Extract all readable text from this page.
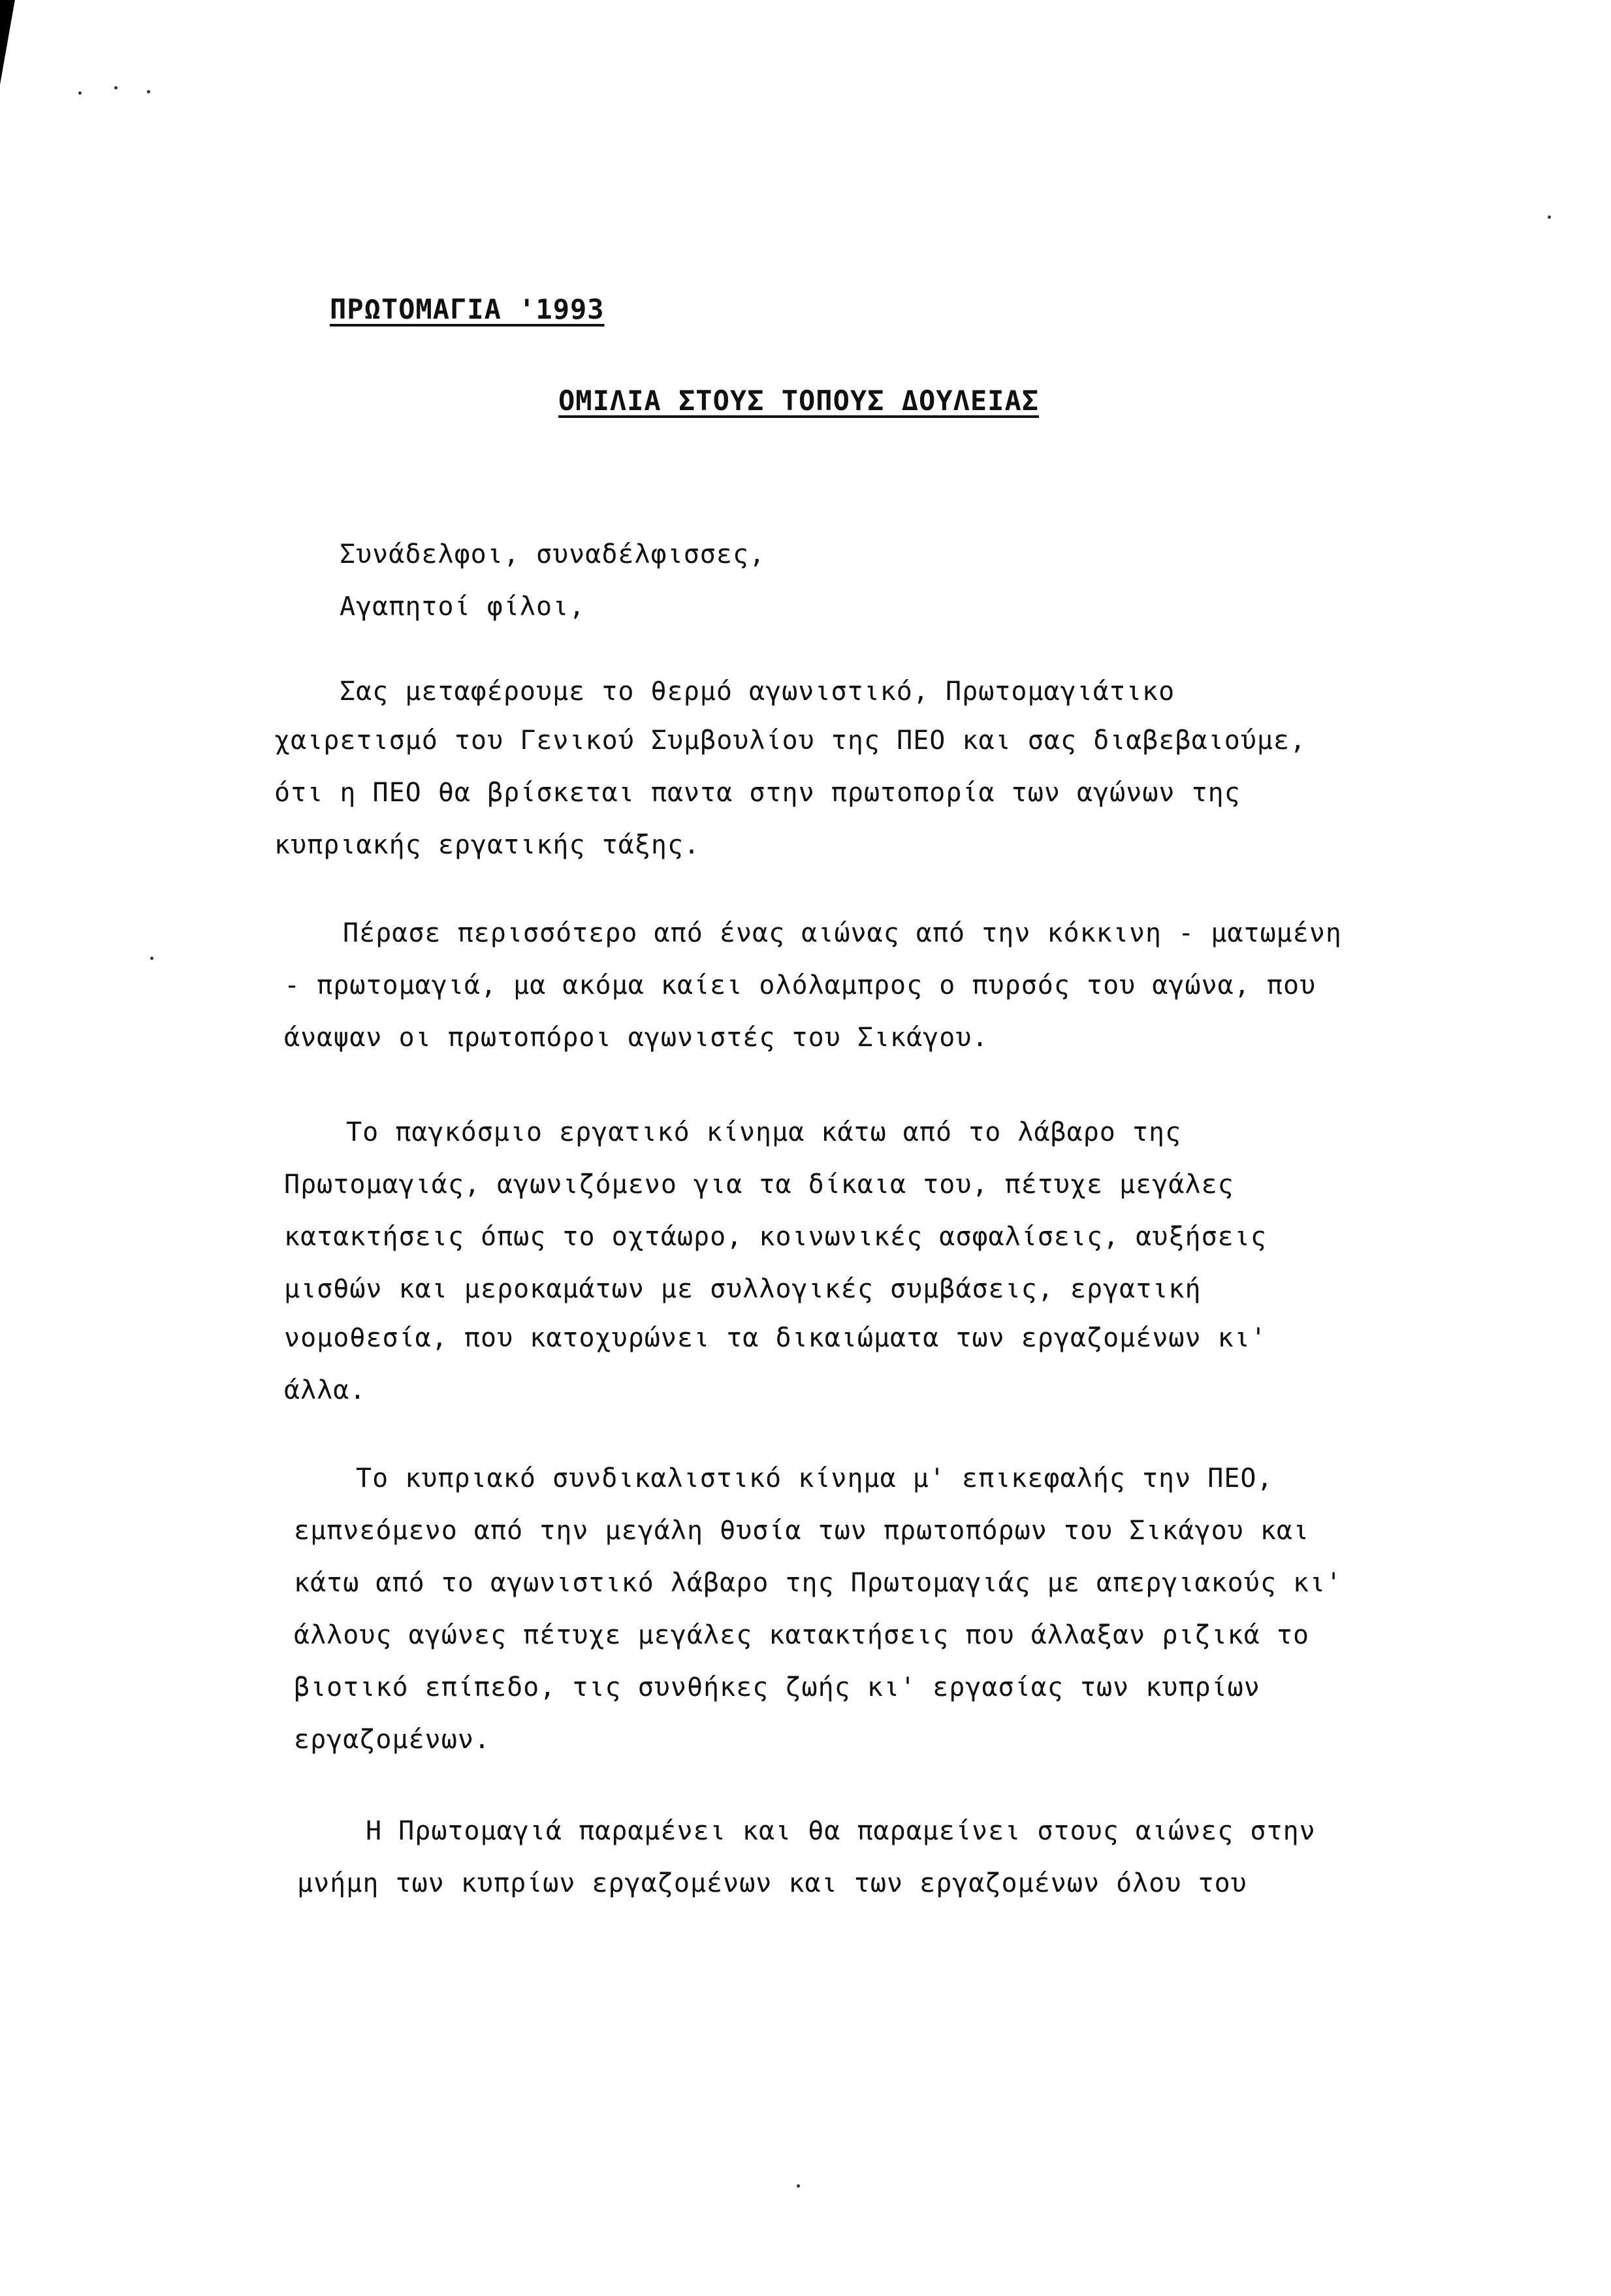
ΠΡΩΤΟΜΑΓΙΑ '1993
ΟΜΙΛΙΑ ΣΤΟΥΣ ΤΟΠΟΥΣ ΔΟΥΛΕΙΑΣ
Συνάδελφοι, συναδέλφισσες,
Αγαπητοί φίλοι,
Σας μεταφέρουμε το θερμό αγωνιστικό, Πρωτομαγιάτικο
χαιρετισμό του Γενικού Συμβουλίου της ΠΕΟ και σας διαβεβαιούμε,
ότι η ΠΕΟ θα βρίσκεται παντα στην πρωτοπορία των αγώνων της
κυπριακής εργατικής τάξης.
Πέρασε περισσότερο από ένας αιώνας από την κόκκινη - ματωμένη
- πρωτομαγιά, μα ακόμα καίει ολόλαμπρος ο πυρσός του αγώνα, που
άναψαν οι πρωτοπόροι αγωνιστές του Σικάγου.
Το παγκόσμιο εργατικό κίνημα κάτω από το λάβαρο της
Πρωτομαγιάς, αγωνιζόμενο για τα δίκαια του, πέτυχε μεγάλες
κατακτήσεις όπως το οχτάωρο, κοινωνικές ασφαλίσεις, αυξήσεις
μισθών και μεροκαμάτων με συλλογικές συμβάσεις, εργατική
νομοθεσία, που κατοχυρώνει τα δικαιώματα των εργαζομένων κι'
άλλα.
Το κυπριακό συνδικαλιστικό κίνημα μ' επικεφαλής την ΠΕΟ,
εμπνεόμενο από την μεγάλη θυσία των πρωτοπόρων του Σικάγου και
κάτω από το αγωνιστικό λάβαρο της Πρωτομαγιάς με απεργιακούς κι'
άλλους αγώνες πέτυχε μεγάλες κατακτήσεις που άλλαξαν ριζικά το
βιοτικό επίπεδο, τις συνθήκες ζωής κι' εργασίας των κυπρίων
εργαζομένων.
Η Πρωτομαγιά παραμένει και θα παραμείνει στους αιώνες στην
μνήμη των κυπρίων εργαζομένων και των εργαζομένων όλου του
